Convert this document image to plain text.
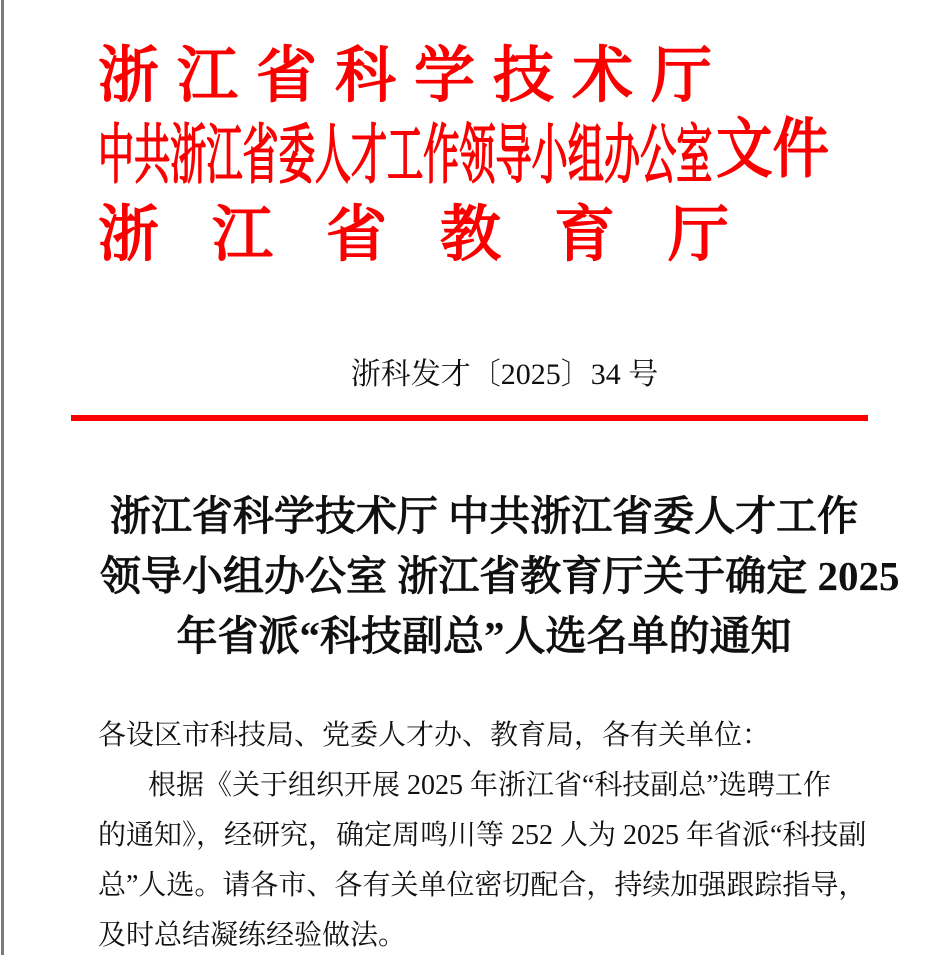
浙江省科学技术厅
中共浙江省委人才工作领导小组办公室 文件
浙江省教育厅
浙科发才〔2025〕34 号
浙江省科学技术厅 中共浙江省委人才工作
领导小组办公室 浙江省教育厅关于确定 2025
年省派“科技副总”人选名单的通知
各设区市科技局、党委人才办、教育局，各有关单位：
根据《关于组织开展 2025 年浙江省“科技副总”选聘工作
的通知》，经研究，确定周鸣川等 252 人为 2025 年省派“科技副
总”人选。请各市、各有关单位密切配合，持续加强跟踪指导，
及时总结凝练经验做法。
